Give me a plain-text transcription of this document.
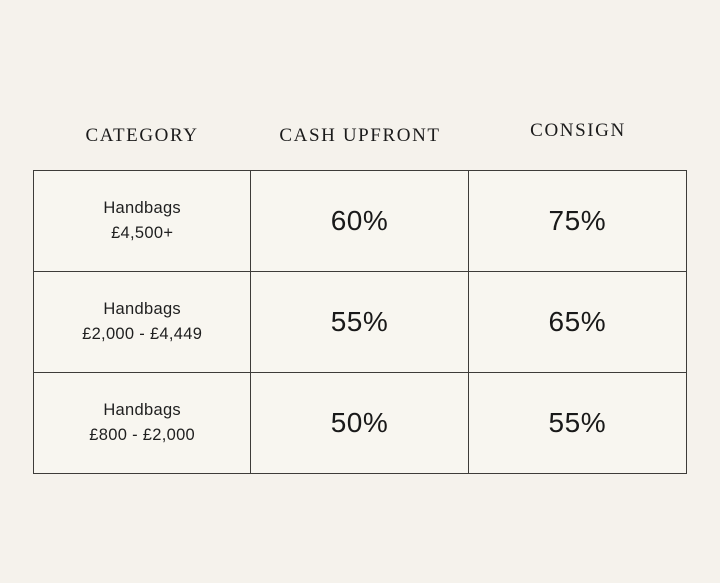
CATEGORY	CASH UPFRONT	CONSIGN
Handbags
£4,500+	60%	75%
Handbags
£2,000 - £4,449	55%	65%
Handbags
£800 - £2,000	50%	55%
